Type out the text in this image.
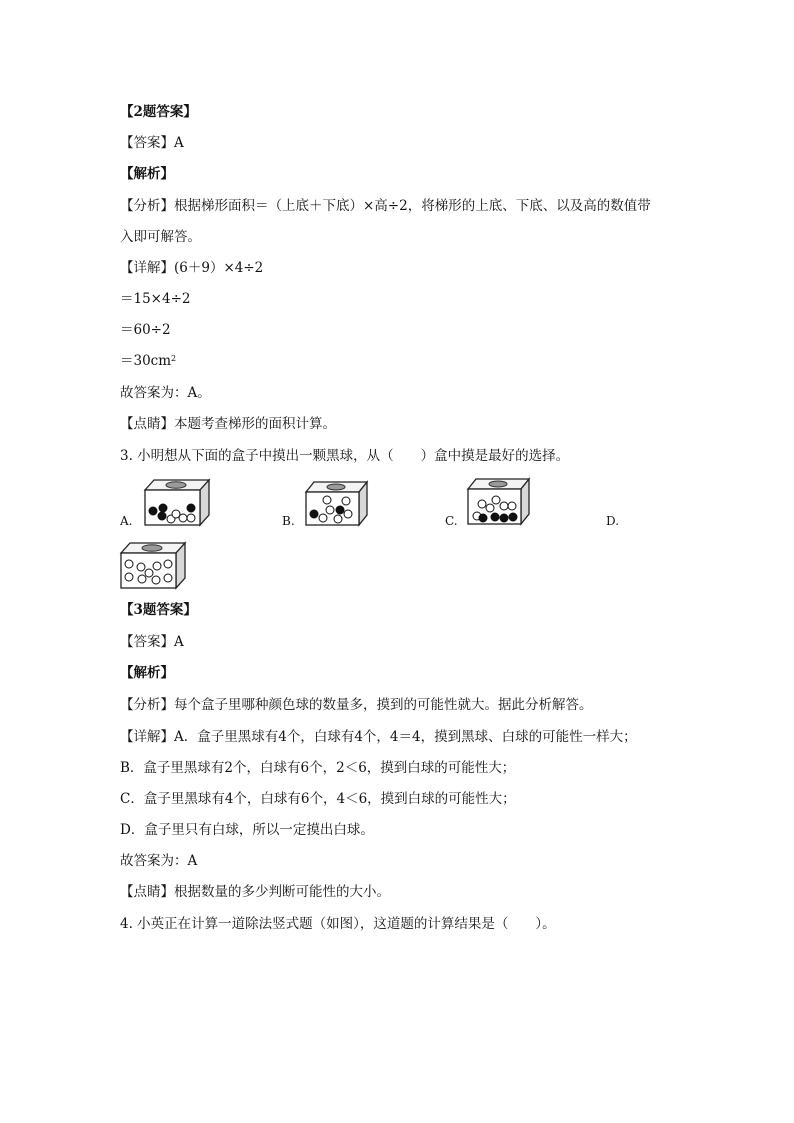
【2题答案】
【答案】A
【解析】
【分析】根据梯形面积＝（上底＋下底）×高÷2，将梯形的上底、下底、以及高的数值带
入即可解答。
【详解】(6＋9）×4÷2
＝15×4÷2
＝60÷2
$=30cm^2$
故答案为：A。
【点睛】本题考查梯形的面积计算。
3. 小明想从下面的盒子中摸出一颗黑球，从（　　）盒中摸是最好的选择。
A.	B.	C.	D.
【3题答案】
【答案】A
【解析】
【分析】每个盒子里哪种颜色球的数量多，摸到的可能性就大。据此分析解答。
【详解】A．盒子里黑球有4个，白球有4个，4＝4，摸到黑球、白球的可能性一样大；
B．盒子里黑球有2个，白球有6个，2＜6，摸到白球的可能性大；
C．盒子里黑球有4个，白球有6个，4＜6，摸到白球的可能性大；
D．盒子里只有白球，所以一定摸出白球。
故答案为：A
【点睛】根据数量的多少判断可能性的大小。
4. 小英正在计算一道除法竖式题（如图），这道题的计算结果是（　　）。
